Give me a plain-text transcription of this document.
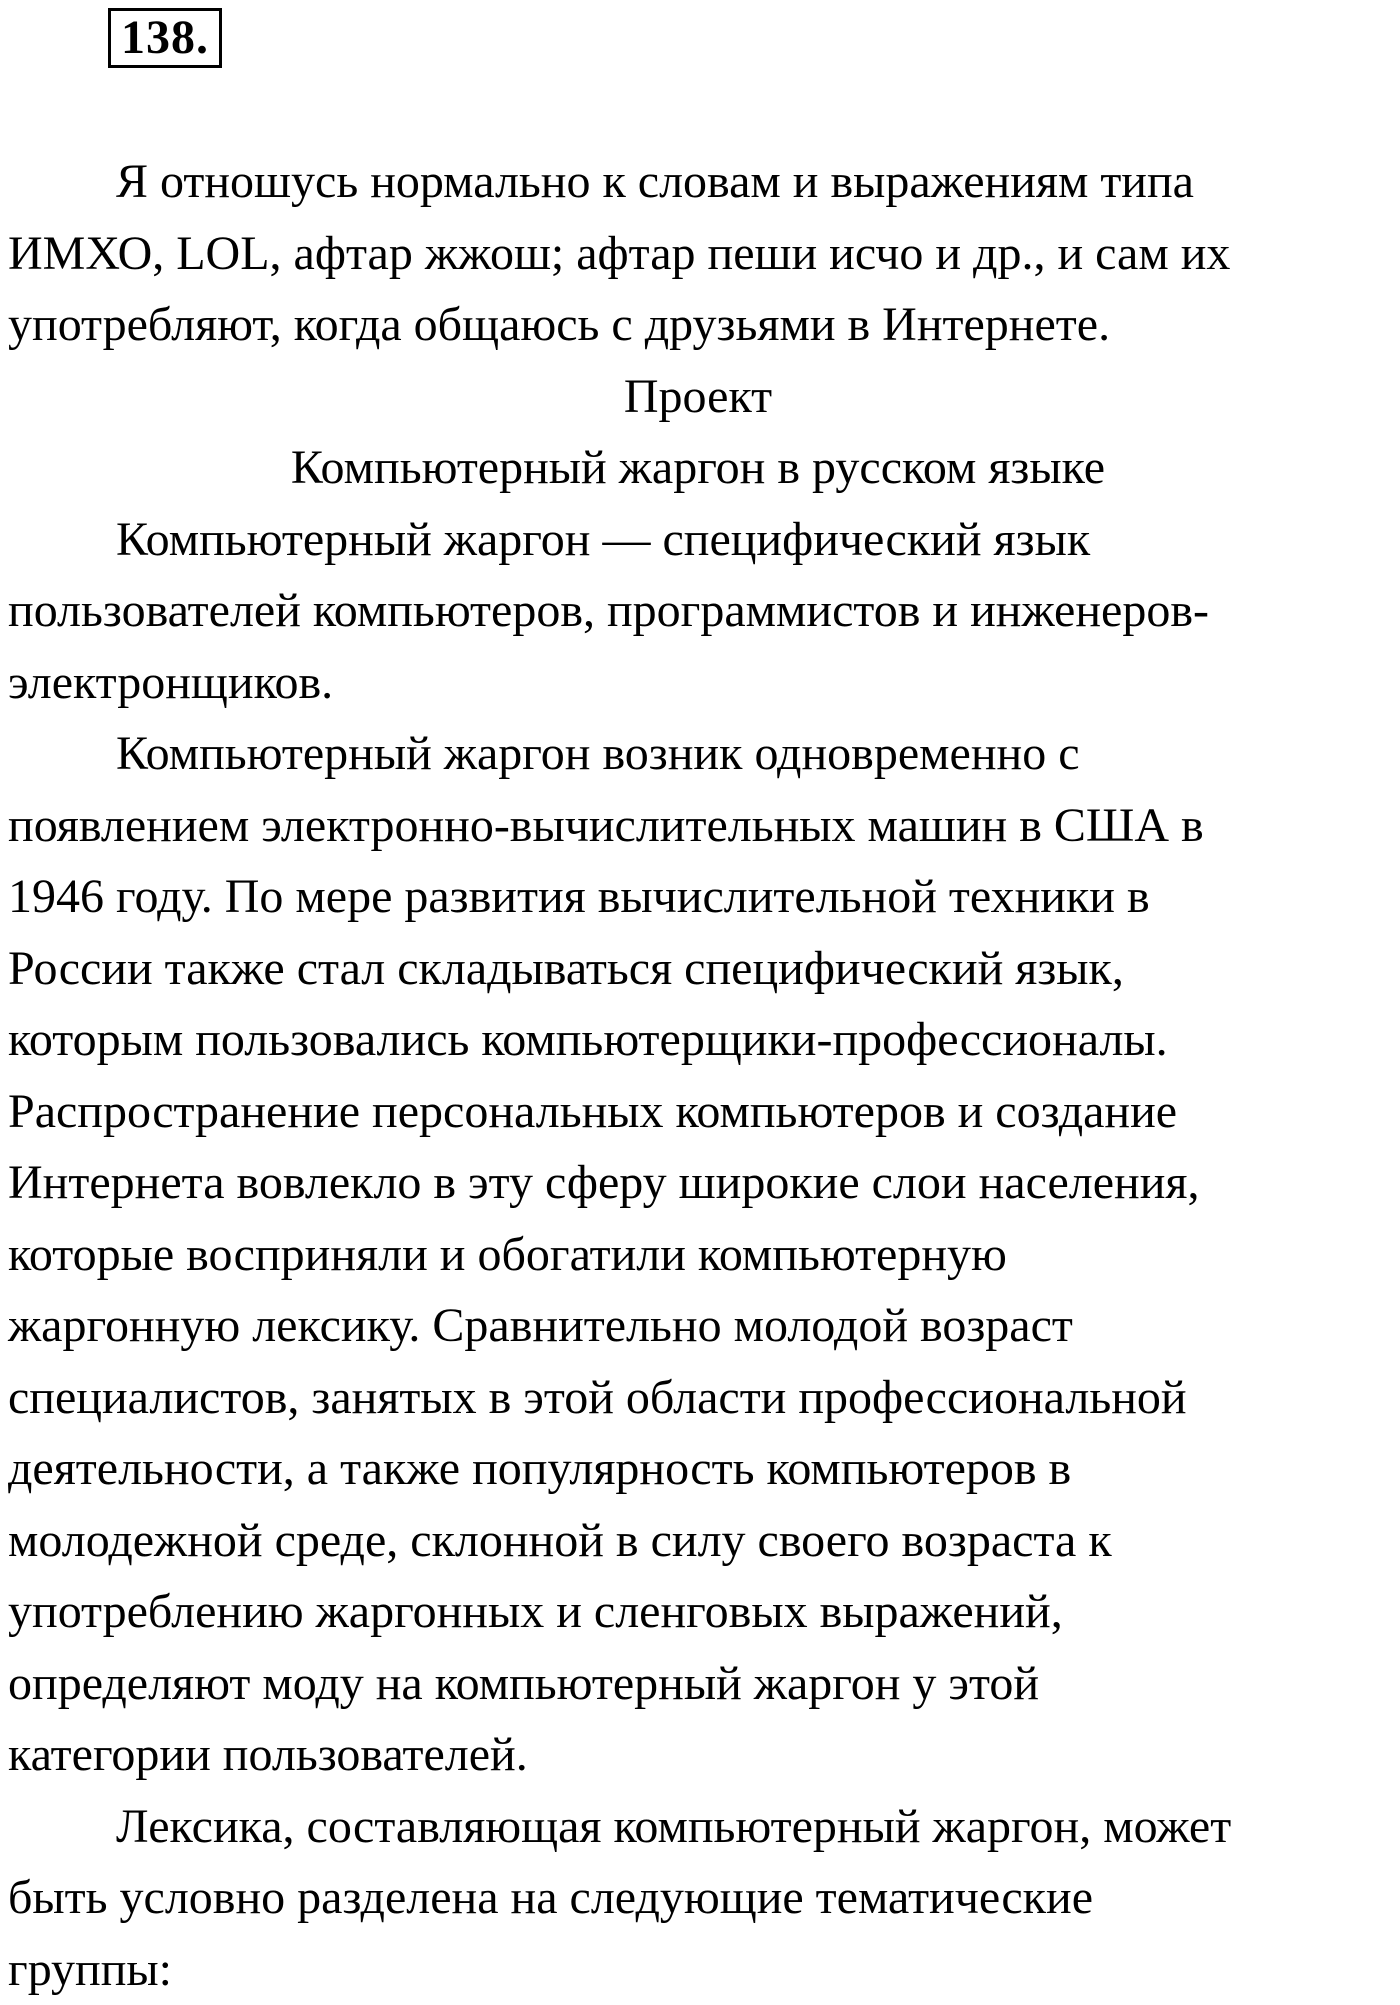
138.

Я отношусь нормально к словам и выражениям типа
ИМХО, LOL, афтар жжош; афтар пеши исчо и др., и сам их
употребляют, когда общаюсь с друзьями в Интернете.

Проект

Компьютерный жаргон в русском языке

Компьютерный жаргон — специфический язык
пользователей компьютеров, программистов и инженеров-
электронщиков.

Компьютерный жаргон возник одновременно с
появлением электронно-вычислительных машин в США в
1946 году. По мере развития вычислительной техники в
России также стал складываться специфический язык,
которым пользовались компьютерщики-профессионалы.
Распространение персональных компьютеров и создание
Интернета вовлекло в эту сферу широкие слои населения,
которые восприняли и обогатили компьютерную
жаргонную лексику. Сравнительно молодой возраст
специалистов, занятых в этой области профессиональной
деятельности, а также популярность компьютеров в
молодежной среде, склонной в силу своего возраста к
употреблению жаргонных и сленговых выражений,
определяют моду на компьютерный жаргон у этой
категории пользователей.

Лексика, составляющая компьютерный жаргон, может
быть условно разделена на следующие тематические
группы:
